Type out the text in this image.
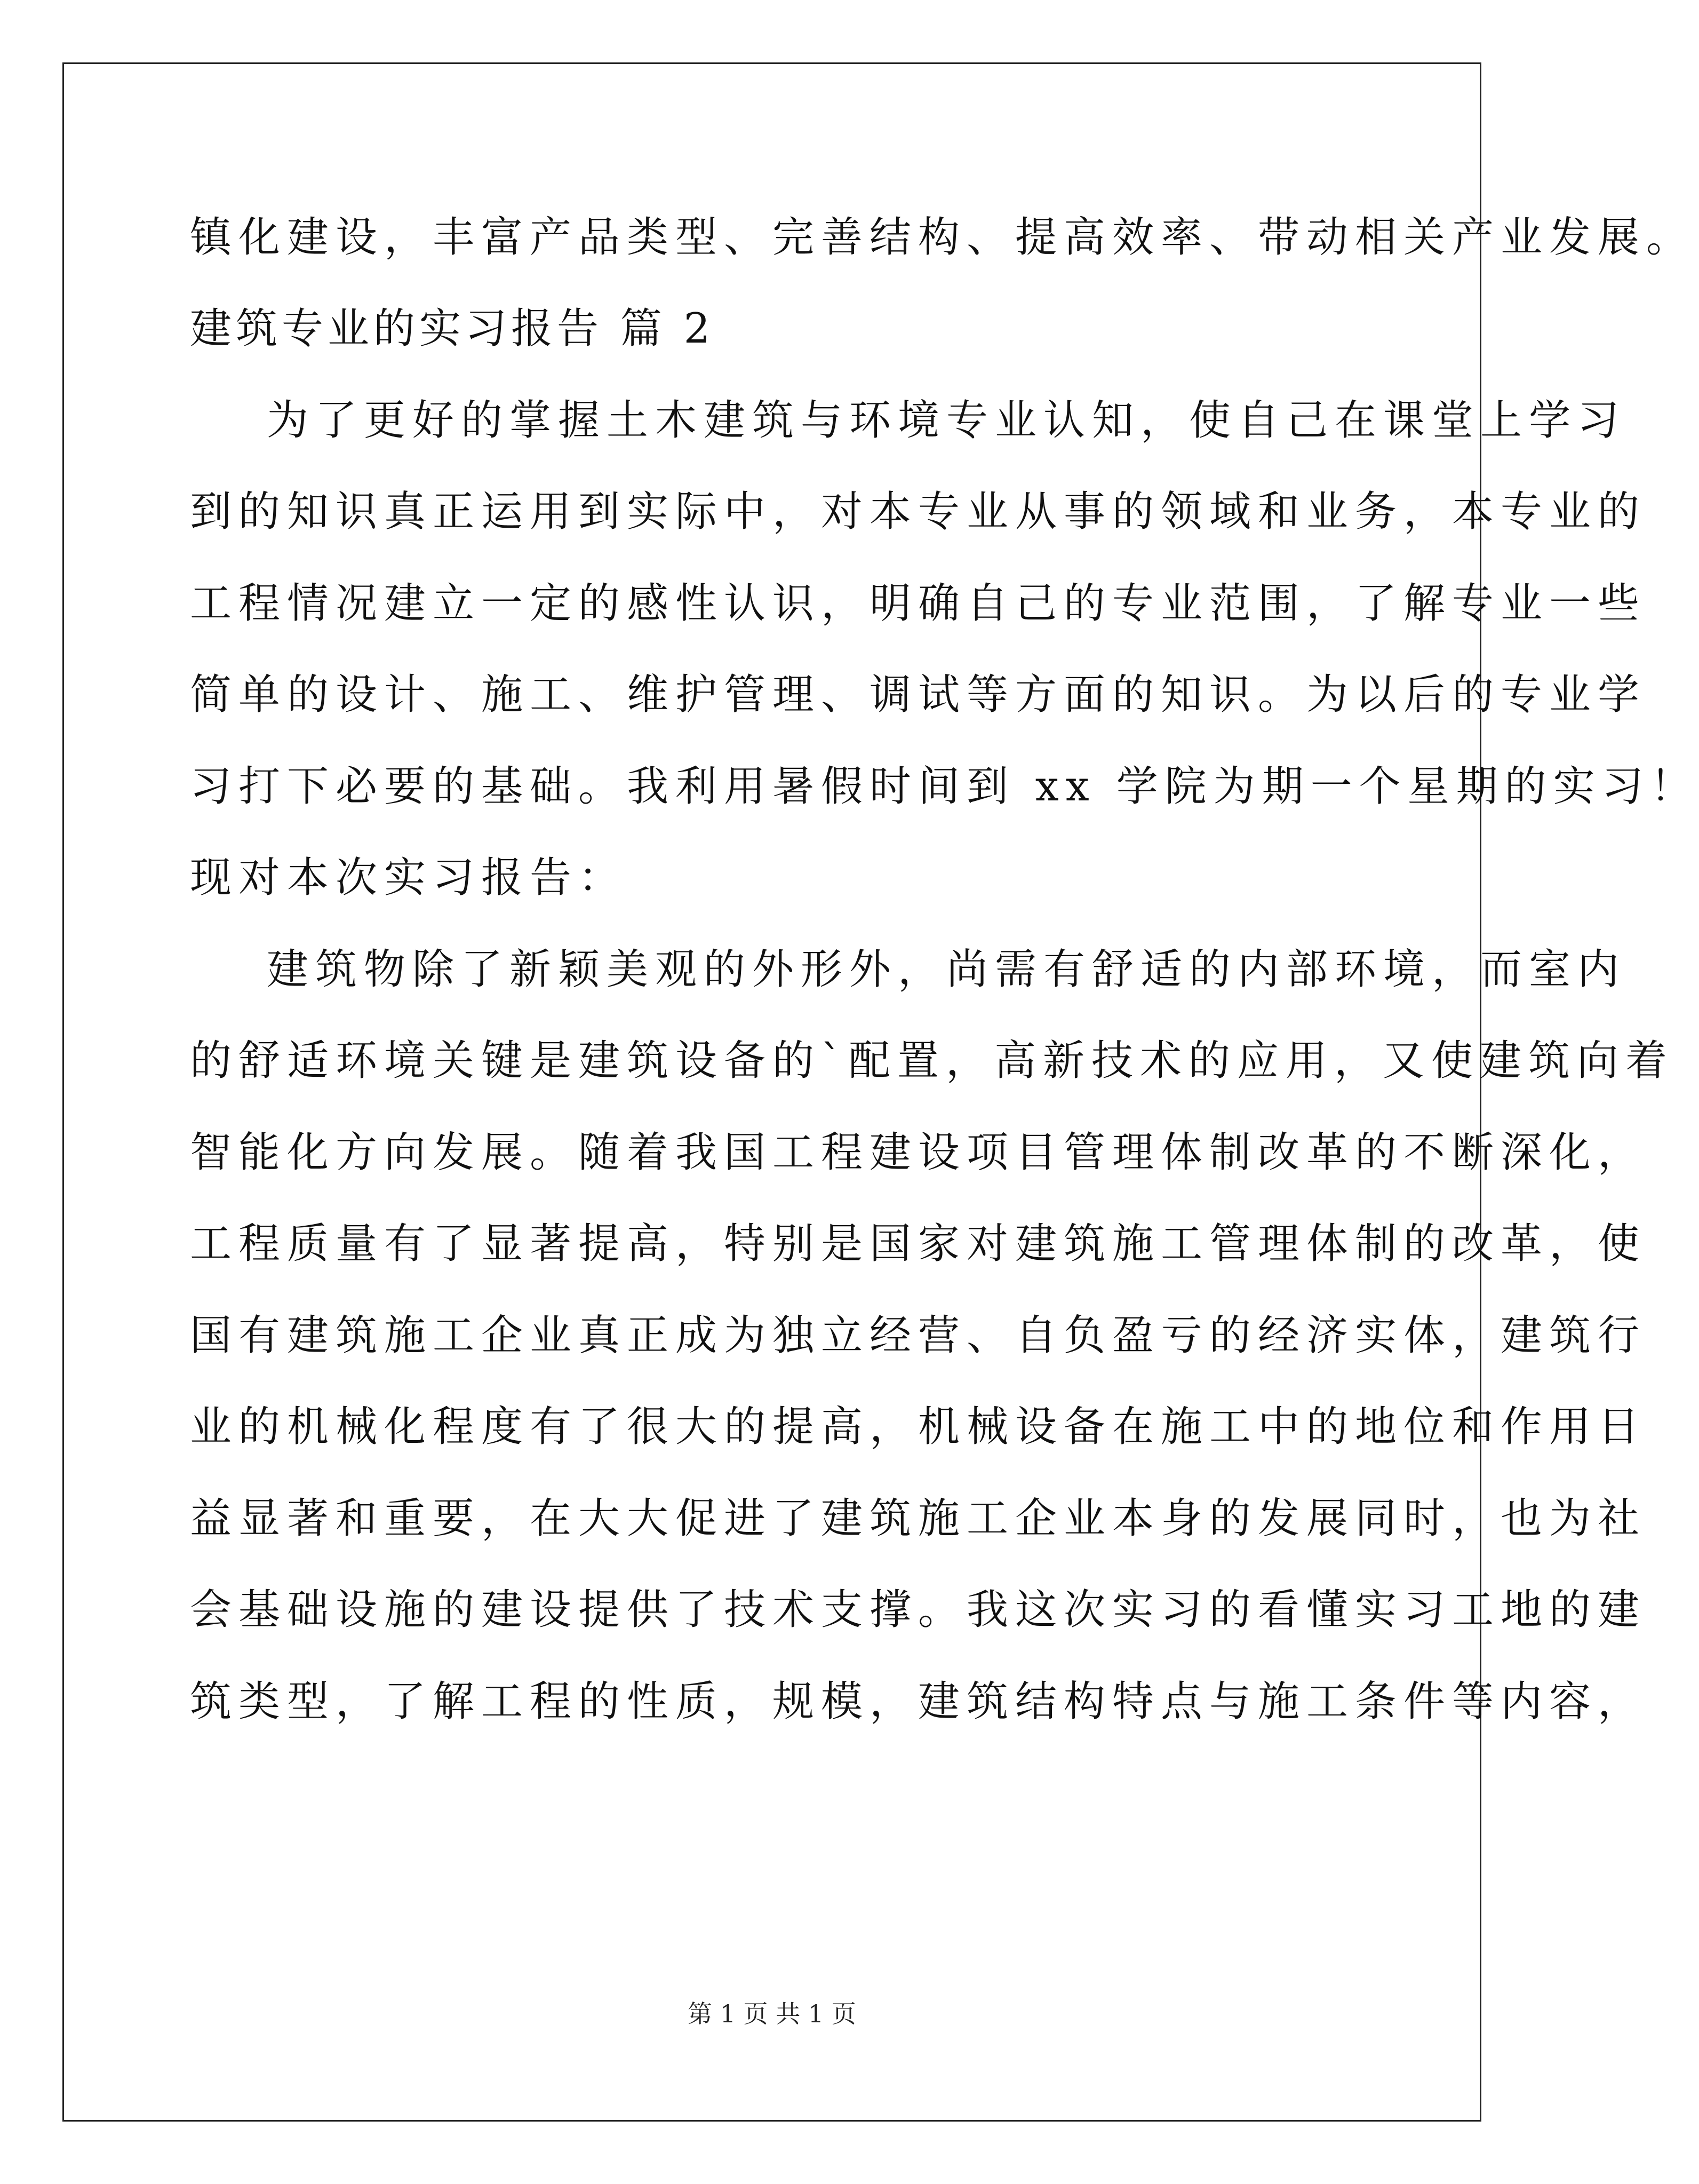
镇化建设，丰富产品类型、完善结构、提高效率、带动相关产业发展。
建筑专业的实习报告 篇 2
为了更好的掌握土木建筑与环境专业认知，使自己在课堂上学习
到的知识真正运用到实际中，对本专业从事的领域和业务，本专业的
工程情况建立一定的感性认识，明确自己的专业范围，了解专业一些
简单的设计、施工、维护管理、调试等方面的知识。为以后的专业学
习打下必要的基础。我利用暑假时间到 xx 学院为期一个星期的实习！
现对本次实习报告：
建筑物除了新颖美观的外形外，尚需有舒适的内部环境，而室内
的舒适环境关键是建筑设备的`配置，高新技术的应用，又使建筑向着
智能化方向发展。随着我国工程建设项目管理体制改革的不断深化，
工程质量有了显著提高，特别是国家对建筑施工管理体制的改革，使
国有建筑施工企业真正成为独立经营、自负盈亏的经济实体，建筑行
业的机械化程度有了很大的提高，机械设备在施工中的地位和作用日
益显著和重要，在大大促进了建筑施工企业本身的发展同时，也为社
会基础设施的建设提供了技术支撑。我这次实习的看懂实习工地的建
筑类型，了解工程的性质，规模，建筑结构特点与施工条件等内容，
第 1 页 共 1 页
